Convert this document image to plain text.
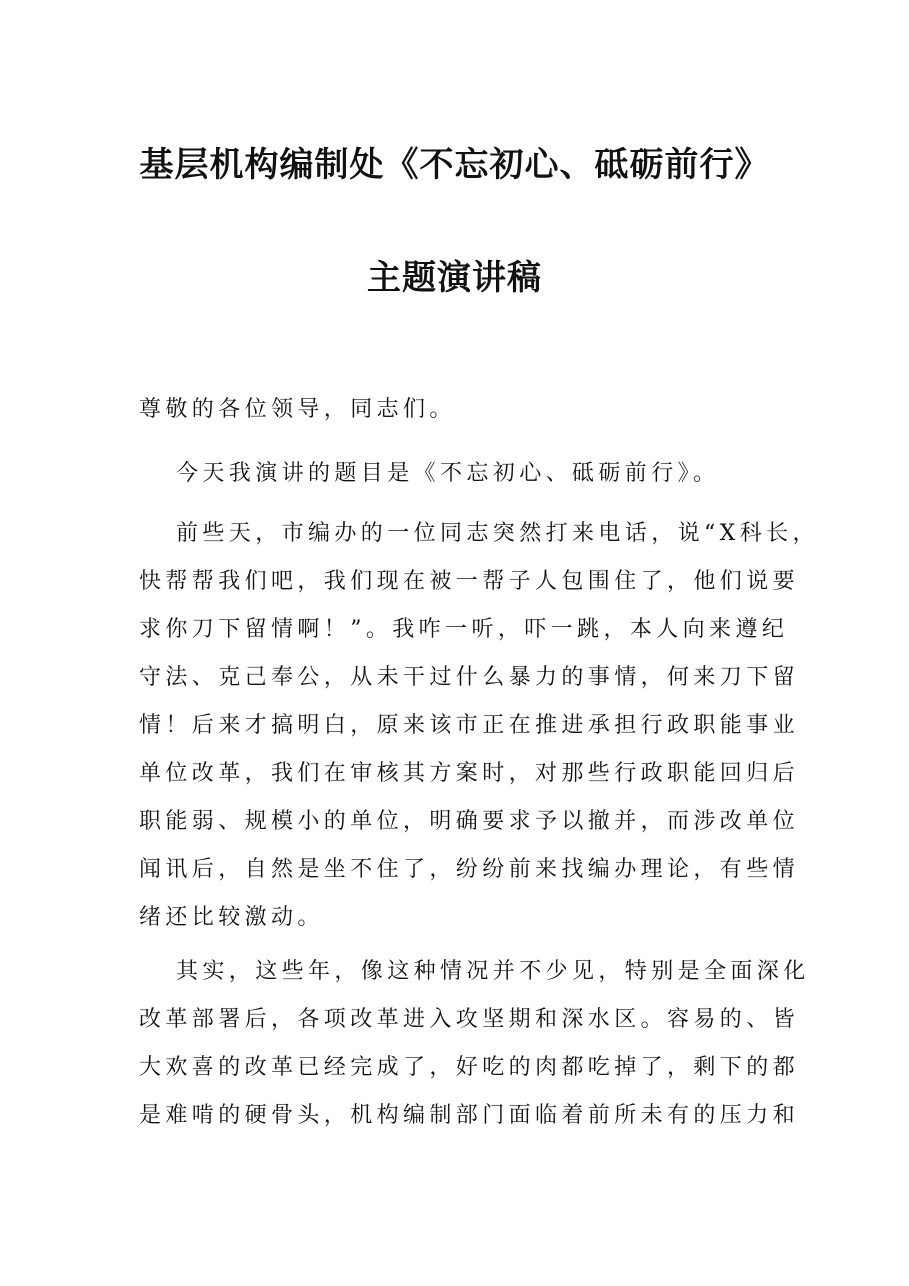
基层机构编制处《不忘初心、砥砺前行》
主题演讲稿
尊敬的各位领导，同志们。
今天我演讲的题目是《不忘初心、砥砺前行》。
前些天，市编办的一位同志突然打来电话，说“X科长，
快帮帮我们吧，我们现在被一帮子人包围住了，他们说要
求你刀下留情啊！”。我咋一听，吓一跳，本人向来遵纪
守法、克己奉公，从未干过什么暴力的事情，何来刀下留
情！后来才搞明白，原来该市正在推进承担行政职能事业
单位改革，我们在审核其方案时，对那些行政职能回归后
职能弱、规模小的单位，明确要求予以撤并，而涉改单位
闻讯后，自然是坐不住了，纷纷前来找编办理论，有些情
绪还比较激动。
其实，这些年，像这种情况并不少见，特别是全面深化
改革部署后，各项改革进入攻坚期和深水区。容易的、皆
大欢喜的改革已经完成了，好吃的肉都吃掉了，剩下的都
是难啃的硬骨头，机构编制部门面临着前所未有的压力和
